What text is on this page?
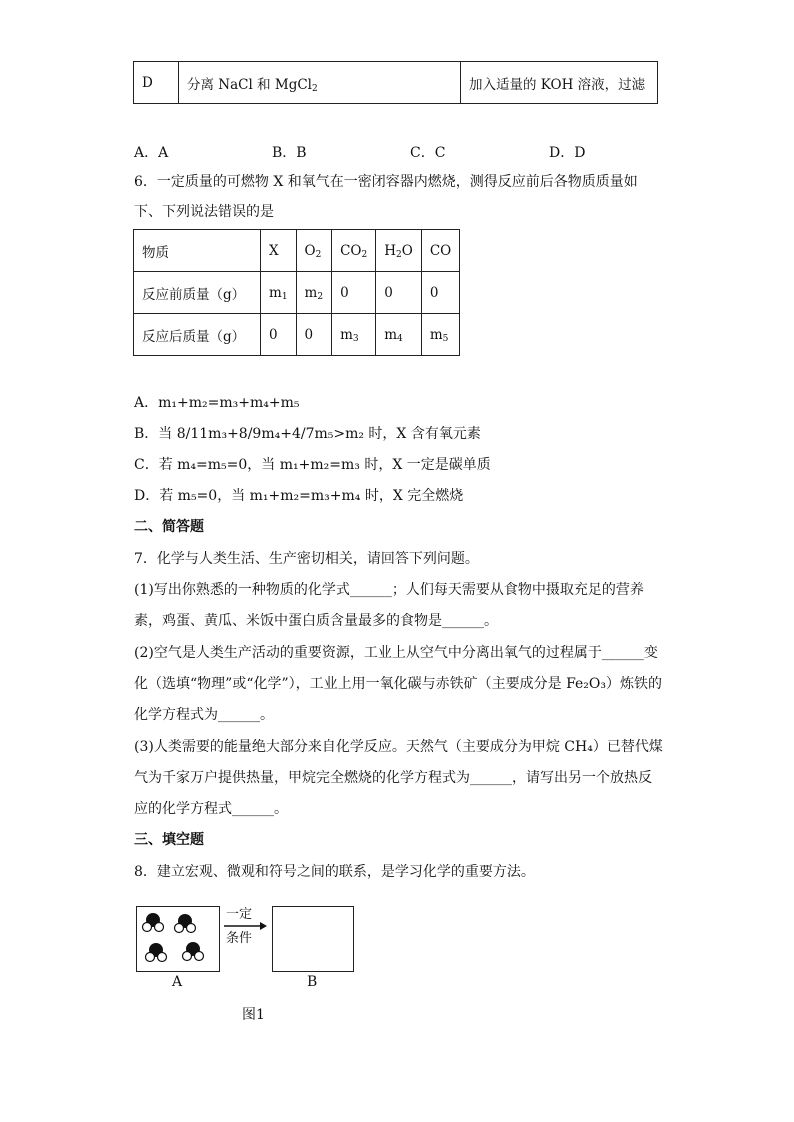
D	分离 NaCl 和 MgCl$_2$	加入适量的 KOH 溶液，过滤
A．A	B．B	C．C	D．D
6．一定质量的可燃物 X 和氧气在一密闭容器内燃烧，测得反应前后各物质质量如
下、下列说法错误的是
物质	X	$O_2$	$CO_2$	$H_2O$	CO
反应前质量（g）	$m_1$	$m_2$	0	0	0
反应后质量（g）	0	0	$m_3$	$m_4$	$m_5$
A．m₁+m₂=m₃+m₄+m₅
B．当 8/11m₃+8/9m₄+4/7m₅>m₂ 时，X 含有氧元素
C．若 m₄=m₅=0，当 m₁+m₂=m₃ 时，X 一定是碳单质
D．若 m₅=0，当 m₁+m₂=m₃+m₄ 时，X 完全燃烧
二、简答题
7．化学与人类生活、生产密切相关，请回答下列问题。
(1)写出你熟悉的一种物质的化学式______；人们每天需要从食物中摄取充足的营养
素，鸡蛋、黄瓜、米饭中蛋白质含量最多的食物是______。
(2)空气是人类生产活动的重要资源，工业上从空气中分离出氧气的过程属于______变
化（选填“物理”或“化学”），工业上用一氧化碳与赤铁矿（主要成分是 Fe₂O₃）炼铁的
化学方程式为______。
(3)人类需要的能量绝大部分来自化学反应。天然气（主要成分为甲烷 CH₄）已替代煤
气为千家万户提供热量，甲烷完全燃烧的化学方程式为______，请写出另一个放热反
应的化学方程式______。
三、填空题
8．建立宏观、微观和符号之间的联系，是学习化学的重要方法。
一定
条件
A	B
图1
